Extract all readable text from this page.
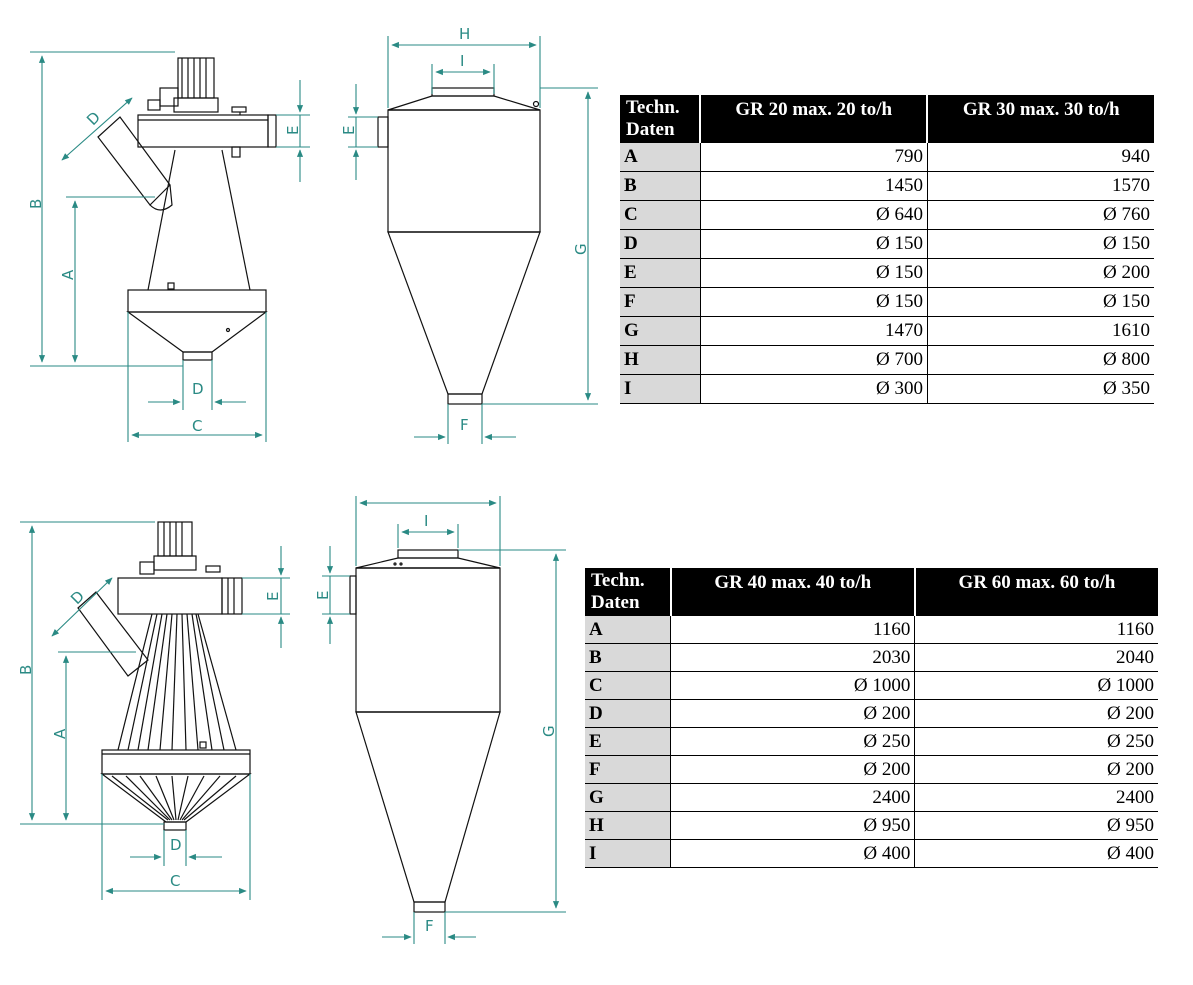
B
A
D
E
D
C
H
I
E
G
F
B
A
D	E
D
C
I
E
G
F
Techn. Daten	GR 20 max. 20 to/h	GR 30 max. 30 to/h
A	790	940
B	1450	1570
C	Ø 640	Ø 760
D	Ø 150	Ø 150
E	Ø 150	Ø 200
F	Ø 150	Ø 150
G	1470	1610
H	Ø 700	Ø 800
I	Ø 300	Ø 350
Techn. Daten	GR 40 max. 40 to/h	GR 60 max. 60 to/h
A	1160	1160
B	2030	2040
C	Ø 1000	Ø 1000
D	Ø 200	Ø 200
E	Ø 250	Ø 250
F	Ø 200	Ø 200
G	2400	2400
H	Ø 950	Ø 950
I	Ø 400	Ø 400
